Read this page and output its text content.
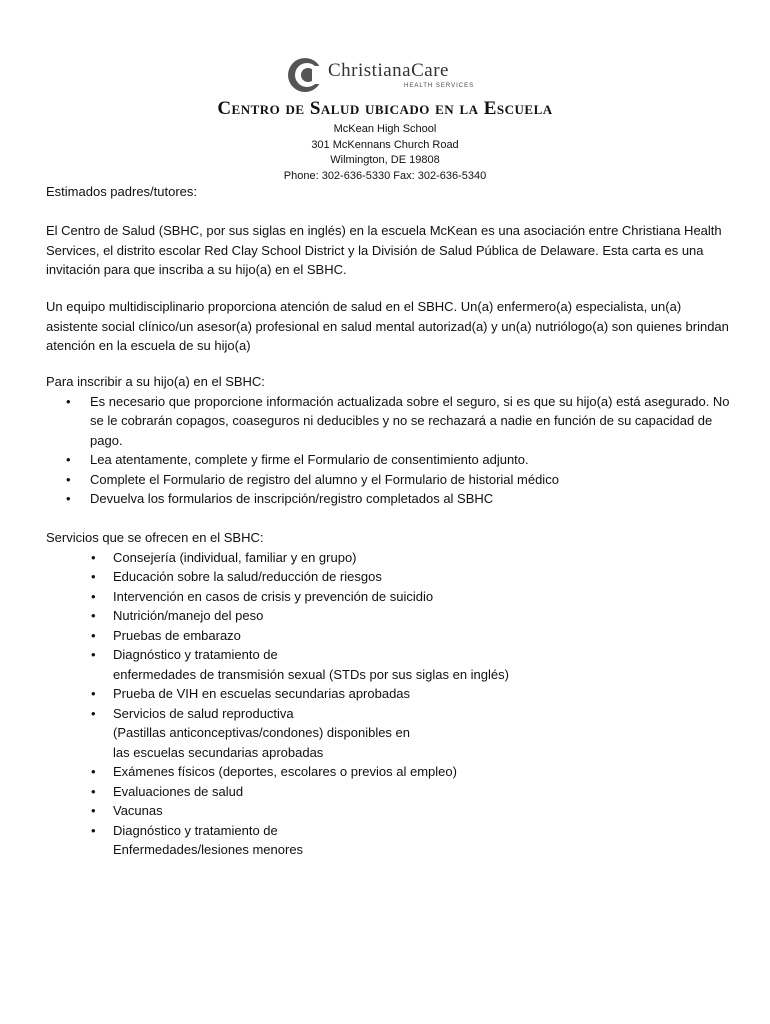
ChristianaCare
HEALTH SERVICES
Centro de Salud ubicado en la Escuela
McKean High School
301 McKennans Church Road
Wilmington, DE 19808
Phone: 302-636-5330 Fax: 302-636-5340

Estimados padres/tutores:

El Centro de Salud (SBHC, por sus siglas en inglés) en la escuela McKean es una asociación entre Christiana Health Services, el distrito escolar Red Clay School District y la División de Salud Pública de Delaware. Esta carta es una invitación para que inscriba a su hijo(a) en el SBHC.

Un equipo multidisciplinario proporciona atención de salud en el SBHC. Un(a) enfermero(a) especialista, un(a) asistente social clínico/un asesor(a) profesional en salud mental autorizad(a) y un(a) nutriólogo(a) son quienes brindan atención en la escuela de su hijo(a)

Para inscribir a su hijo(a) en el SBHC:
• Es necesario que proporcione información actualizada sobre el seguro, si es que su hijo(a) está asegurado. No se le cobrarán copagos, coaseguros ni deducibles y no se rechazará a nadie en función de su capacidad de pago.
• Lea atentamente, complete y firme el Formulario de consentimiento adjunto.
• Complete el Formulario de registro del alumno y el Formulario de historial médico
• Devuelva los formularios de inscripción/registro completados al SBHC
Servicios que se ofrecen en el SBHC:
• Consejería (individual, familiar y en grupo)
• Educación sobre la salud/reducción de riesgos
• Intervención en casos de crisis y prevención de suicidio
• Nutrición/manejo del peso
• Pruebas de embarazo
• Diagnóstico y tratamiento de
enfermedades de transmisión sexual (STDs por sus siglas en inglés)
• Prueba de VIH en escuelas secundarias aprobadas
• Servicios de salud reproductiva
(Pastillas anticonceptivas/condones) disponibles en
las escuelas secundarias aprobadas
• Exámenes físicos (deportes, escolares o previos al empleo)
• Evaluaciones de salud
• Vacunas
• Diagnóstico y tratamiento de
Enfermedades/lesiones menores
